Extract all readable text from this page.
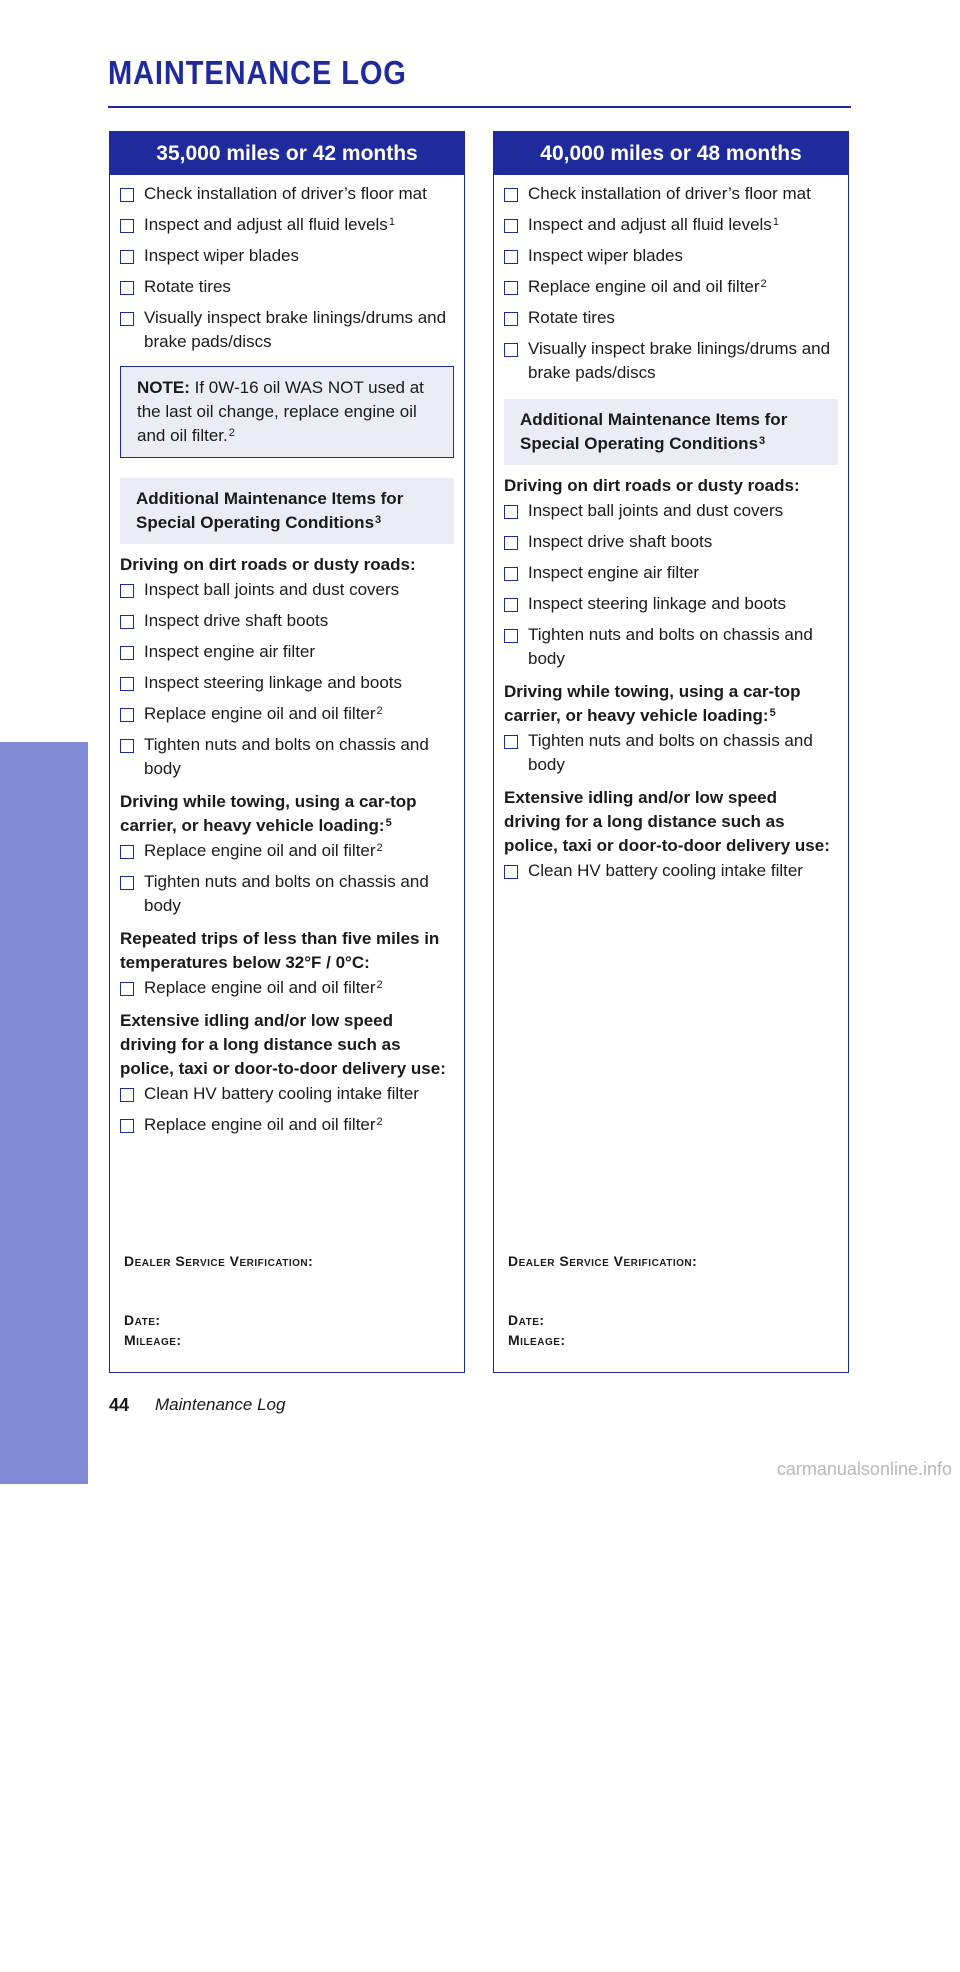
MAINTENANCE LOG
MAINTENANCE
35,000 miles or 42 months
Check installation of driver’s floor mat
Inspect and adjust all fluid levels$^1$
Inspect wiper blades
Rotate tires
Visually inspect brake linings/drums and brake pads/discs
NOTE: If 0W-16 oil WAS NOT used at the last oil change, replace engine oil and oil filter.$^2$
Additional Maintenance Items for Special Operating Conditions$^3$
Driving on dirt roads or dusty roads:
Inspect ball joints and dust covers
Inspect drive shaft boots
Inspect engine air filter
Inspect steering linkage and boots
Replace engine oil and oil filter$^2$
Tighten nuts and bolts on chassis and body
Driving while towing, using a car-top carrier, or heavy vehicle loading:$^5$
Replace engine oil and oil filter$^2$
Tighten nuts and bolts on chassis and body
Repeated trips of less than five miles in temperatures below 32°F / 0°C:
Replace engine oil and oil filter$^2$
Extensive idling and/or low speed driving for a long distance such as police, taxi or door-to-door delivery use:
Clean HV battery cooling intake filter
Replace engine oil and oil filter$^2$
Dealer Service Verification:
Date:
Mileage:
40,000 miles or 48 months
Check installation of driver’s floor mat
Inspect and adjust all fluid levels$^1$
Inspect wiper blades
Replace engine oil and oil filter$^2$
Rotate tires
Visually inspect brake linings/drums and brake pads/discs
Additional Maintenance Items for Special Operating Conditions$^3$
Driving on dirt roads or dusty roads:
Inspect ball joints and dust covers
Inspect drive shaft boots
Inspect engine air filter
Inspect steering linkage and boots
Tighten nuts and bolts on chassis and body
Driving while towing, using a car-top carrier, or heavy vehicle loading:$^5$
Tighten nuts and bolts on chassis and body
Extensive idling and/or low speed driving for a long distance such as police, taxi or door-to-door delivery use:
Clean HV battery cooling intake filter
Dealer Service Verification:
Date:
Mileage:
44 Maintenance Log
carmanualsonline.info
